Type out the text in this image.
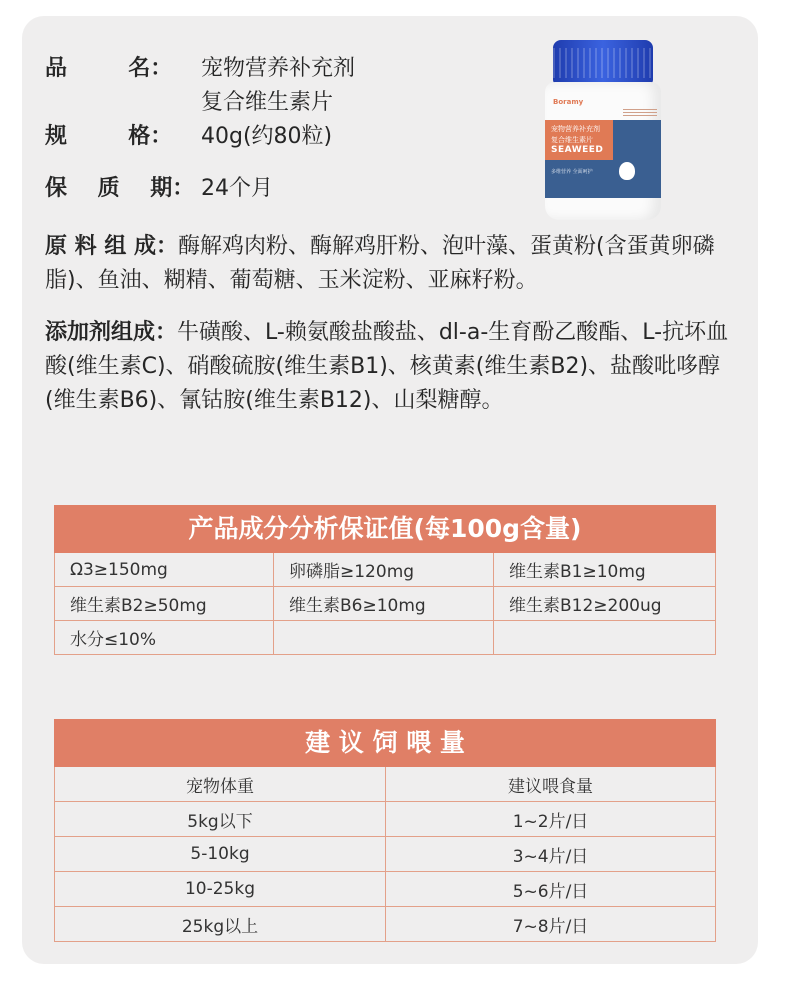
品        名： 宠物营养补充剂
复合维生素片
规        格： 40g(约80粒)
保    质    期： 24个月
原 料 组 成：酶解鸡肉粉、酶解鸡肝粉、泡叶藻、蛋黄粉(含蛋黄卵磷脂)、鱼油、糊精、葡萄糖、玉米淀粉、亚麻籽粉。
添加剂组成：牛磺酸、L-赖氨酸盐酸盐、dl-a-生育酚乙酸酯、L-抗坏血酸(维生素C)、硝酸硫胺(维生素B1)、核黄素(维生素B2)、盐酸吡哆醇(维生素B6)、氰钴胺(维生素B12)、山梨糖醇。
Boramy
宠物营养补充剂
复合维生素片
SEAWEED
多维营养 全面呵护
产品成分分析保证值(每100g含量)		
Ω3≥150mg	卵磷脂≥120mg	维生素B1≥10mg
维生素B2≥50mg	维生素B6≥10mg	维生素B12≥200ug
水分≤10%		
建 议 饲 喂 量	
宠物体重	建议喂食量
5kg以下	1~2片/日
5-10kg	3~4片/日
10-25kg	5~6片/日
25kg以上	7~8片/日
